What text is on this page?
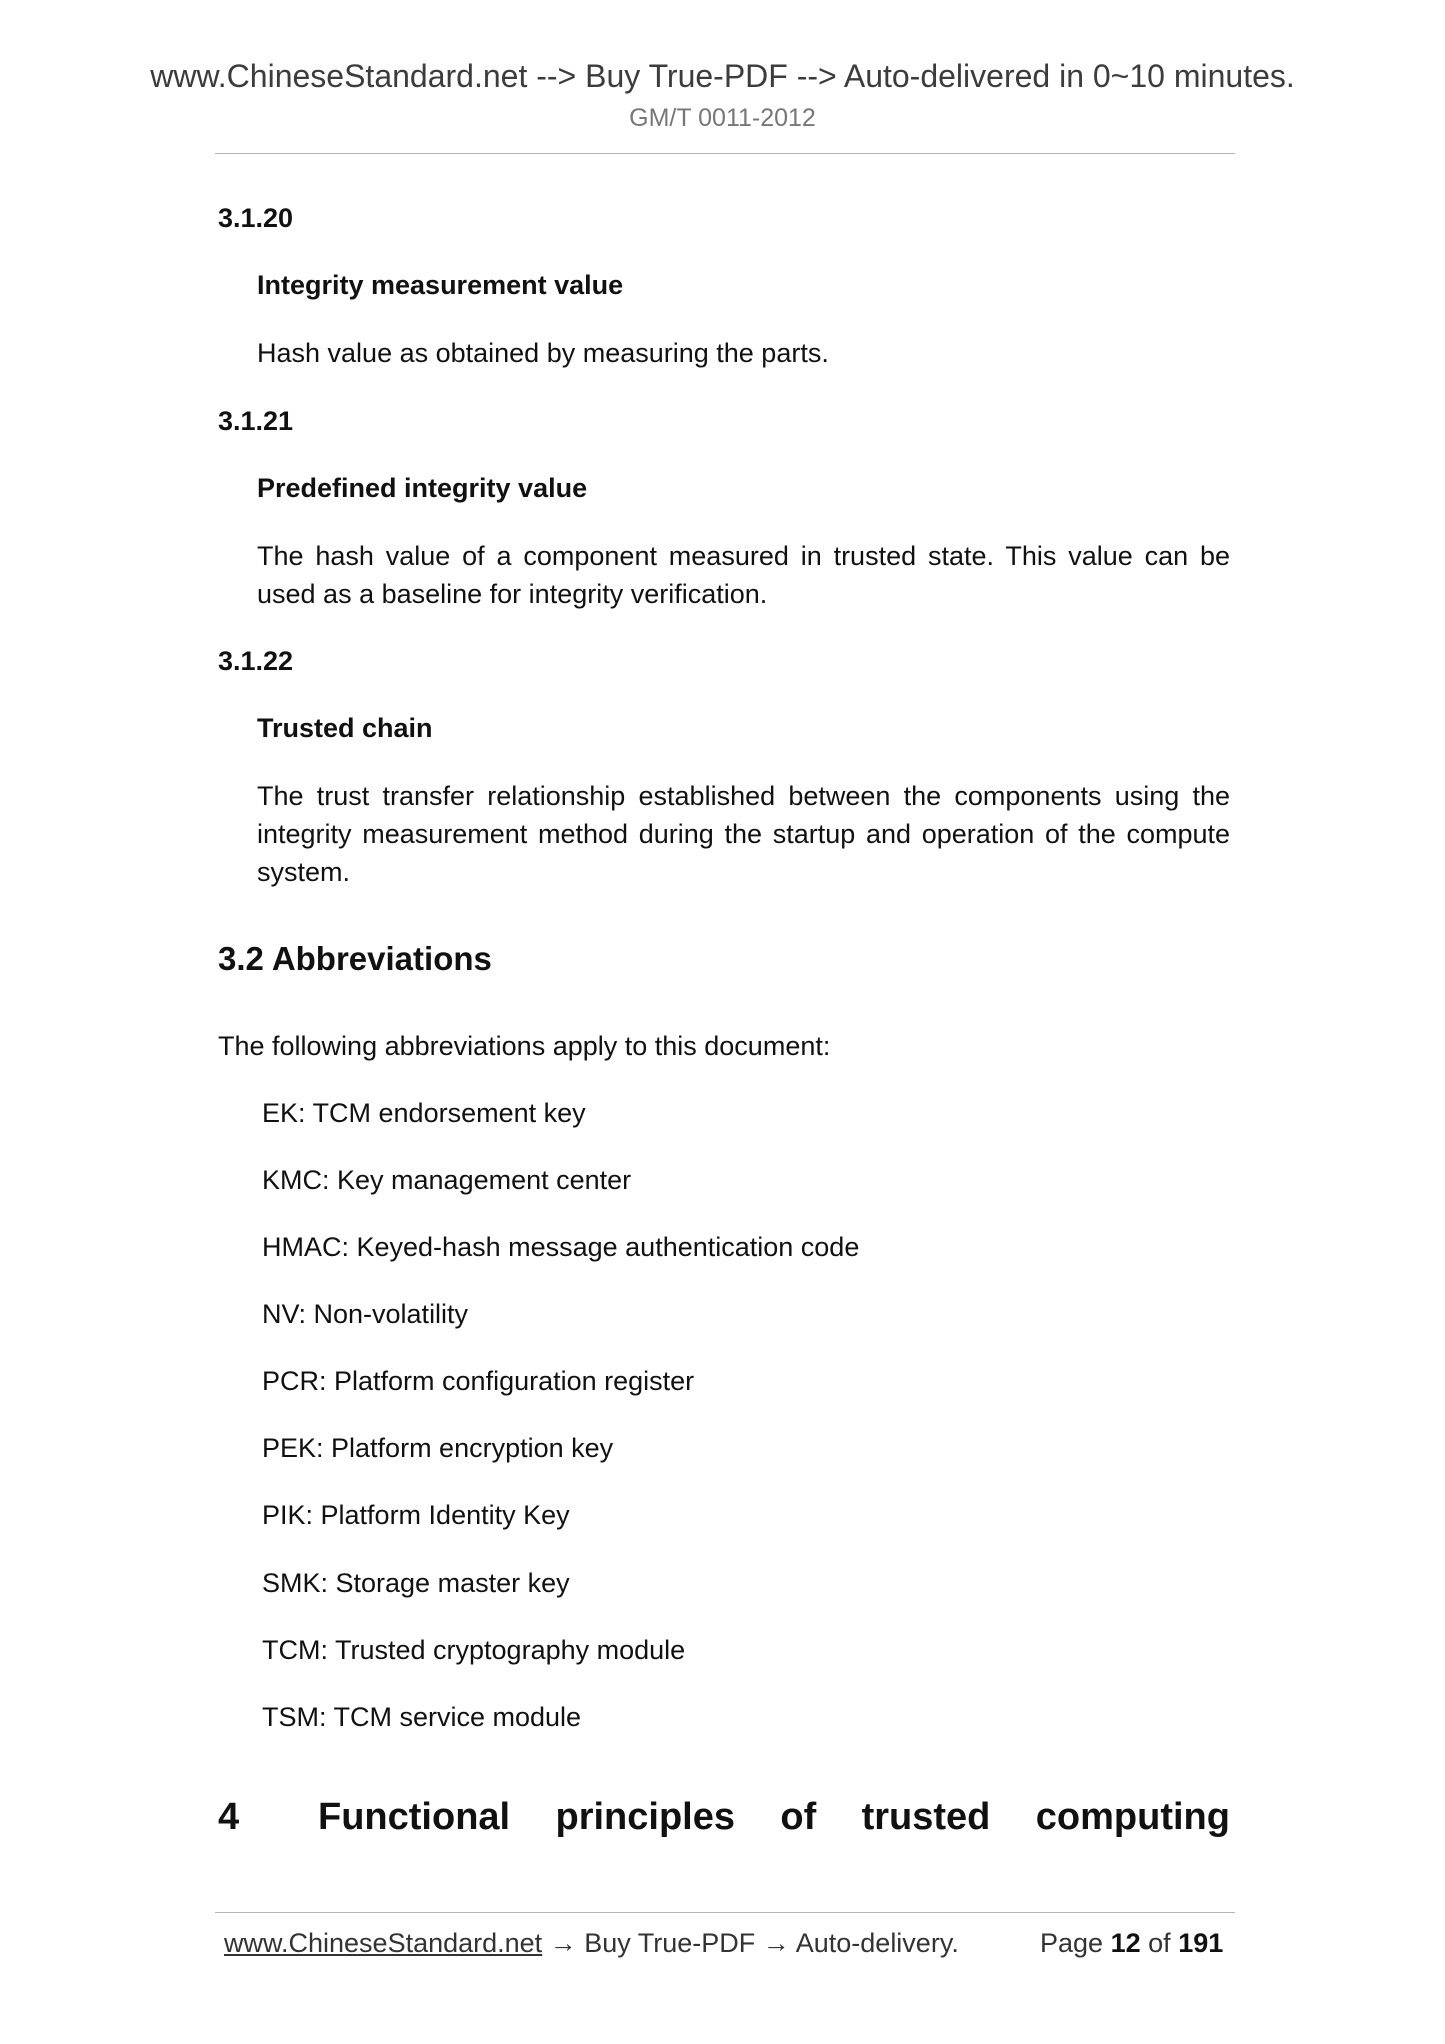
www.ChineseStandard.net --> Buy True-PDF --> Auto-delivered in 0~10 minutes.
GM/T 0011-2012
3.1.20
Integrity measurement value
Hash value as obtained by measuring the parts.
3.1.21
Predefined integrity value
The hash value of a component measured in trusted state. This value can be used as a baseline for integrity verification.
3.1.22
Trusted chain
The trust transfer relationship established between the components using the integrity measurement method during the startup and operation of the compute system.
3.2 Abbreviations
The following abbreviations apply to this document:
EK: TCM endorsement key
KMC: Key management center
HMAC: Keyed-hash message authentication code
NV: Non-volatility
PCR: Platform configuration register
PEK: Platform encryption key
PIK: Platform Identity Key
SMK: Storage master key
TCM: Trusted cryptography module
TSM: TCM service module
4	Functional principles of trusted computing
www.ChineseStandard.net → Buy True-PDF → Auto-delivery.	Page 12 of 191
